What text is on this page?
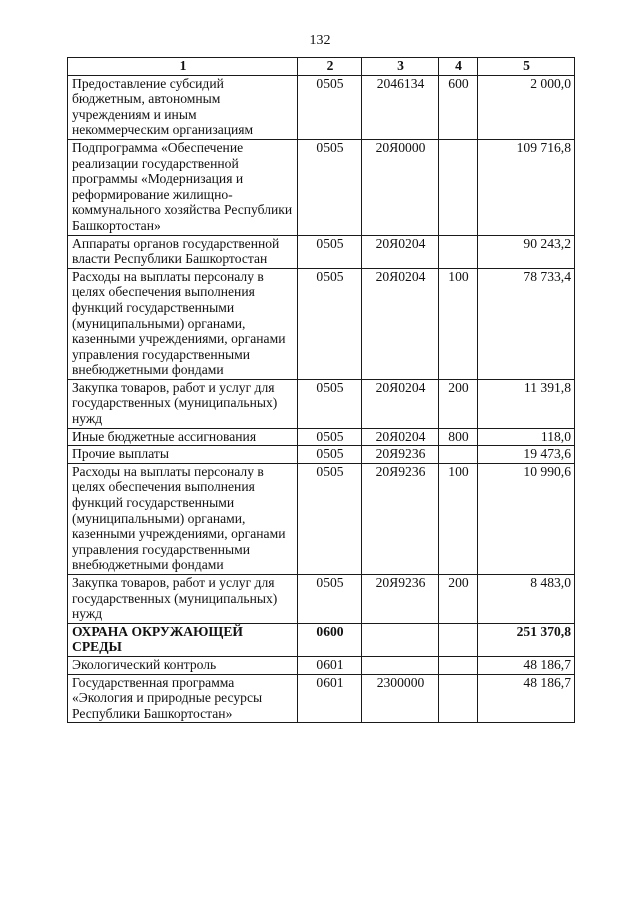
132
1	2	3	4	5
Предоставление субсидий бюджетным, автономным учреждениям и иным некоммерческим организациям	0505	2046134	600	2 000,0
Подпрограмма «Обеспечение реализации государственной программы «Модернизация и реформирование жилищно-коммунального хозяйства Республики Башкортостан»	0505	20Я0000		109 716,8
Аппараты органов государственной власти Республики Башкортостан	0505	20Я0204		90 243,2
Расходы на выплаты персоналу в целях обеспечения выполнения функций государственными (муниципальными) органами, казенными учреждениями, органами управления государственными внебюджетными фондами	0505	20Я0204	100	78 733,4
Закупка товаров, работ и услуг для государственных (муниципальных) нужд	0505	20Я0204	200	11 391,8
Иные бюджетные ассигнования	0505	20Я0204	800	118,0
Прочие выплаты	0505	20Я9236		19 473,6
Расходы на выплаты персоналу в целях обеспечения выполнения функций государственными (муниципальными) органами, казенными учреждениями, органами управления государственными внебюджетными фондами	0505	20Я9236	100	10 990,6
Закупка товаров, работ и услуг для государственных (муниципальных) нужд	0505	20Я9236	200	8 483,0
ОХРАНА ОКРУЖАЮЩЕЙ СРЕДЫ	0600			251 370,8
Экологический контроль	0601			48 186,7
Государственная программа «Экология и природные ресурсы Республики Башкортостан»	0601	2300000		48 186,7
